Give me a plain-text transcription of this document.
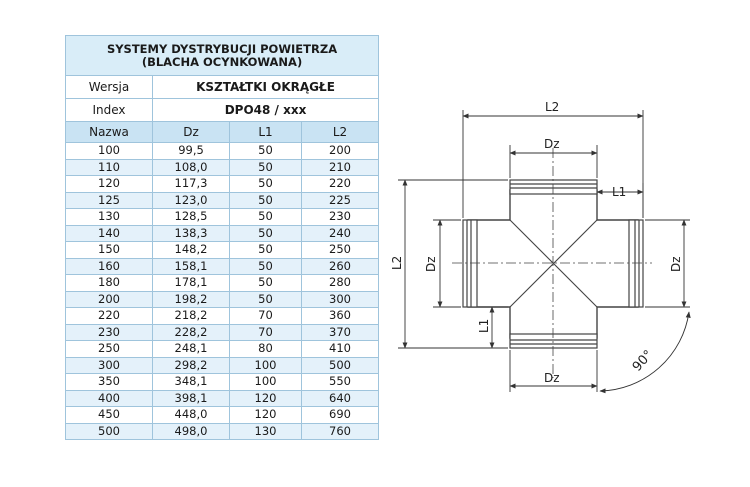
SYSTEMY DYSTRYBUCJI POWIETRZA
(BLACHA OCYNKOWANA)			

Wersja	KSZTAŁTKI OKRĄGŁE		
Index	DPO48 / xxx		
Nazwa	Dz	L1	L2
100	99,5	50	200
110	108,0	50	210
120	117,3	50	220
125	123,0	50	225
130	128,5	50	230
140	138,3	50	240
150	148,2	50	250
160	158,1	50	260
180	178,1	50	280
200	198,2	50	300
220	218,2	70	360
230	228,2	70	370
250	248,1	80	410
300	298,2	100	500
350	348,1	100	550
400	398,1	120	640
450	448,0	120	690
500	498,0	130	760
L2
Dz
L1
L2 Dz	Dz
L1
Dz
90°
